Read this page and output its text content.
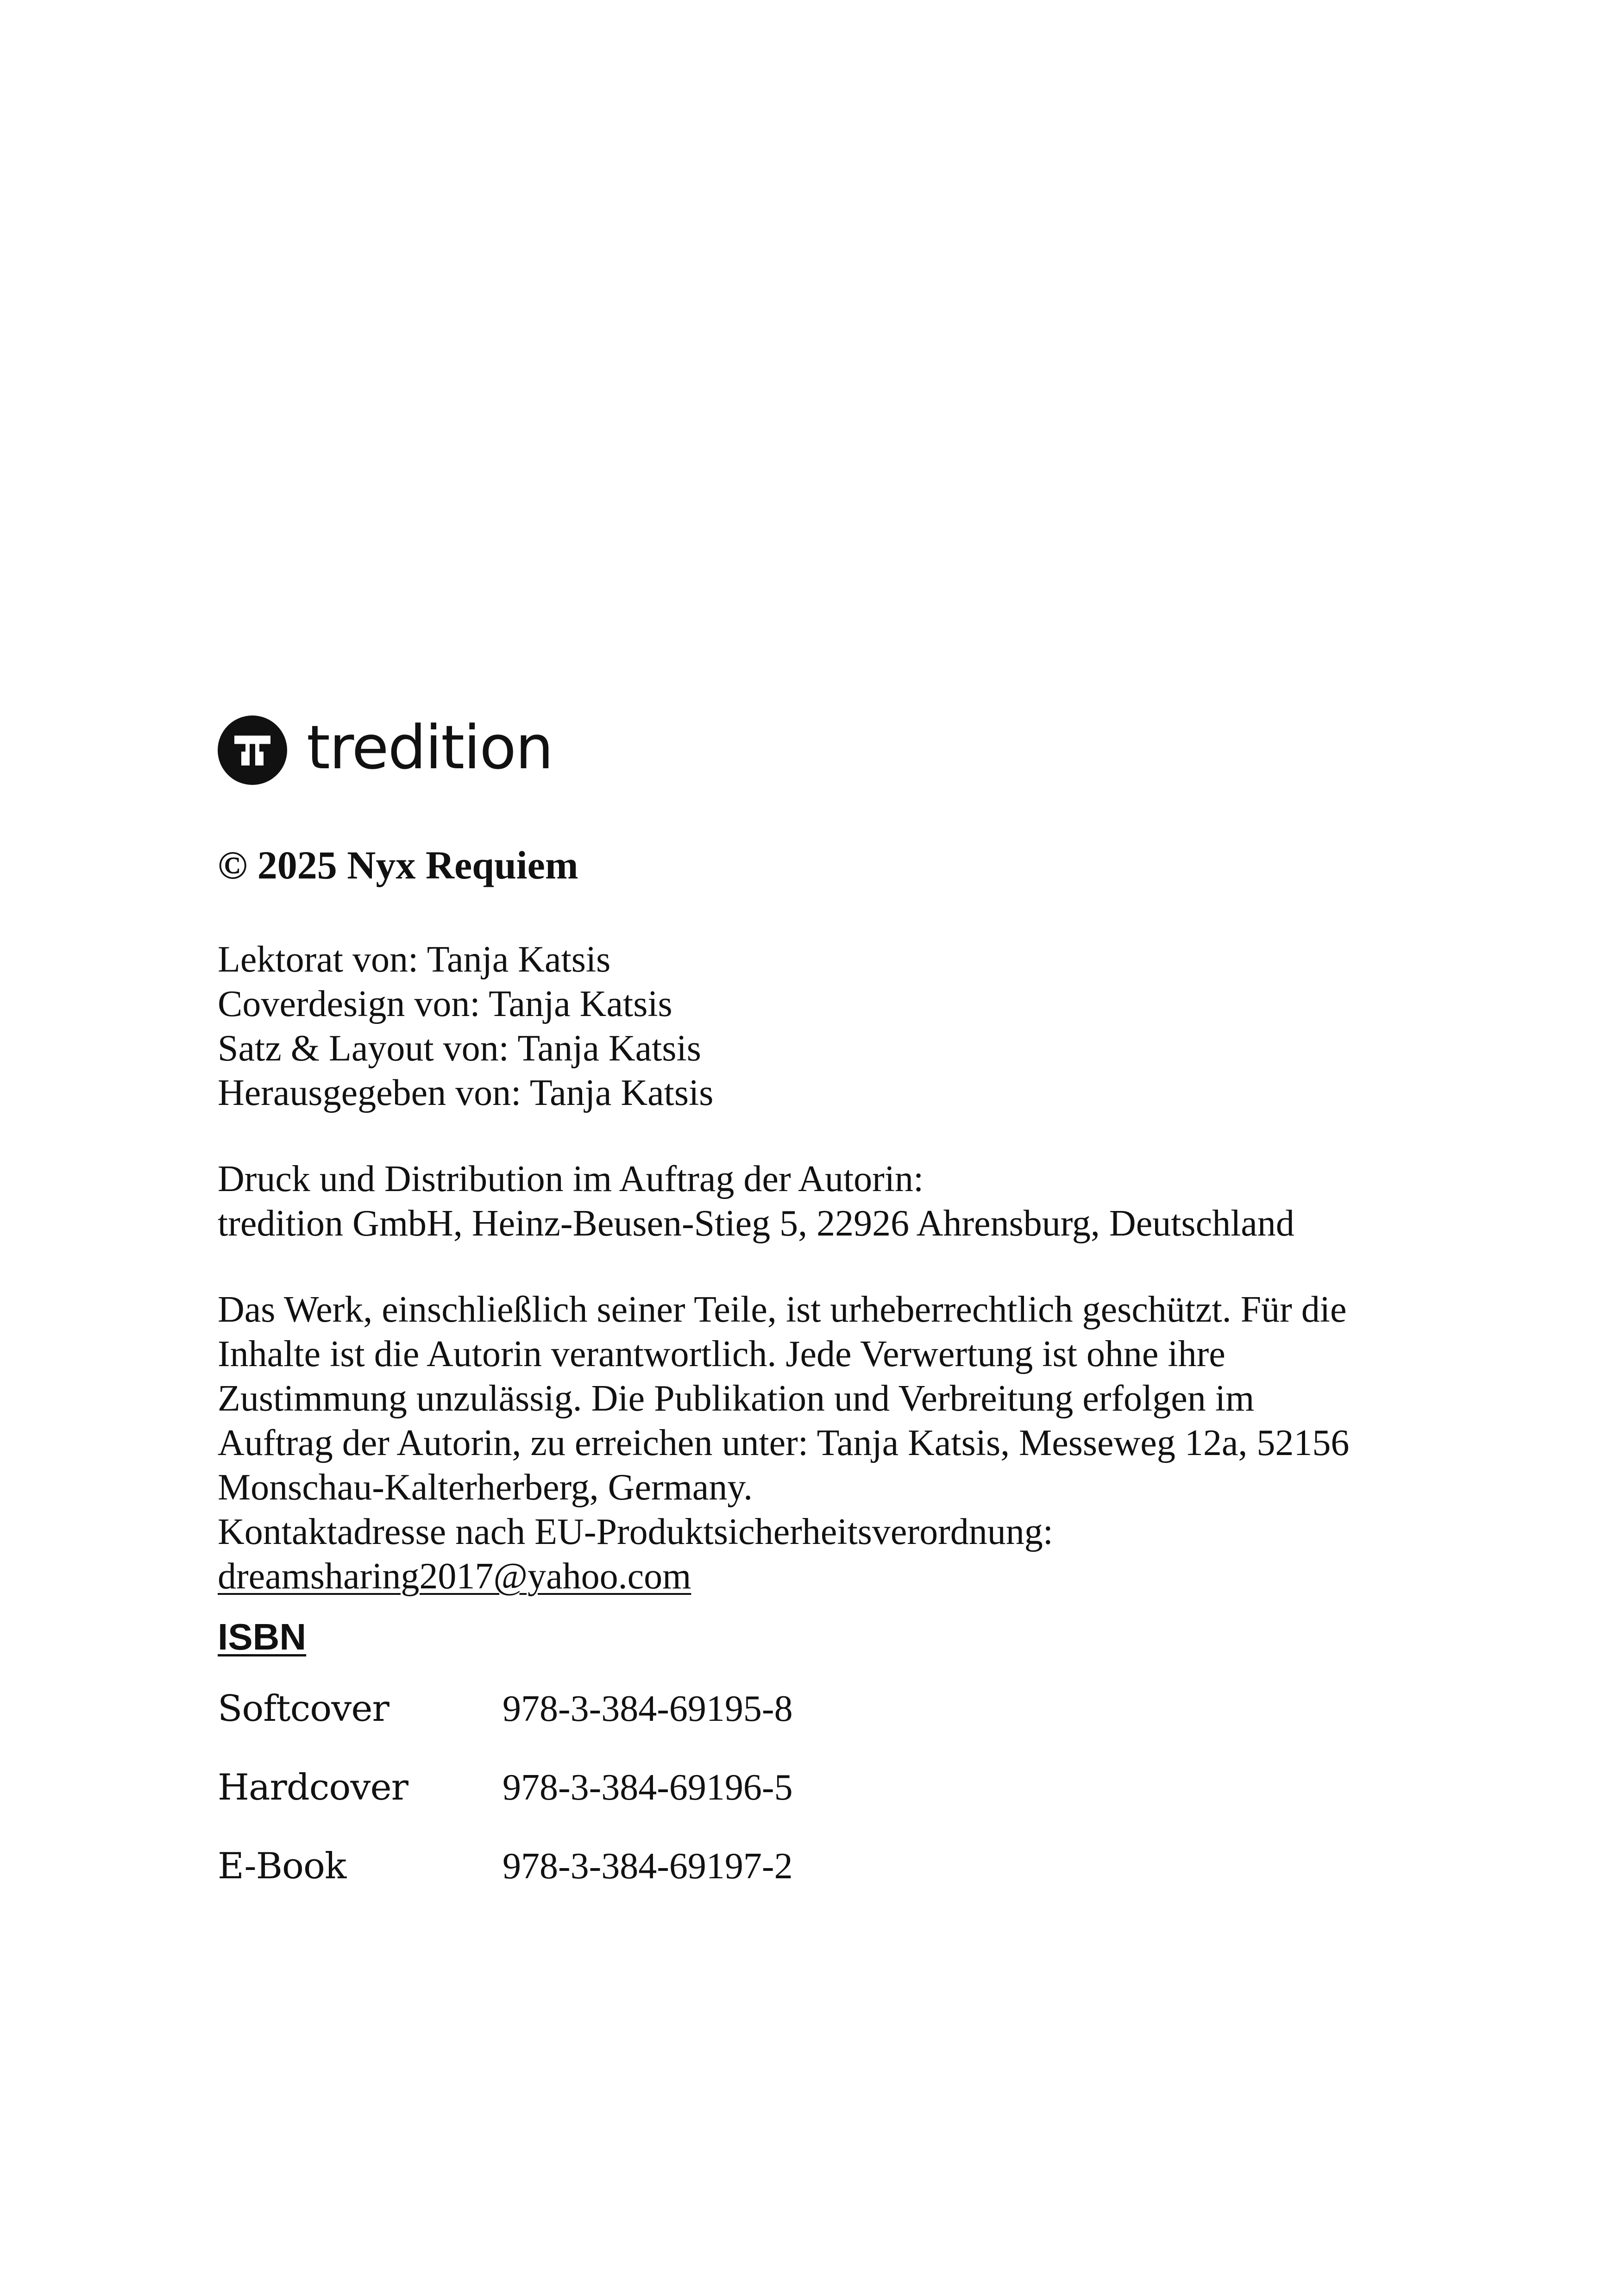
tredition
© 2025 Nyx Requiem
Lektorat von: Tanja Katsis
Coverdesign von: Tanja Katsis
Satz & Layout von: Tanja Katsis
Herausgegeben von: Tanja Katsis
Druck und Distribution im Auftrag der Autorin:
tredition GmbH, Heinz-Beusen-Stieg 5, 22926 Ahrensburg, Deutschland
Das Werk, einschließlich seiner Teile, ist urheberrechtlich geschützt. Für die
Inhalte ist die Autorin verantwortlich. Jede Verwertung ist ohne ihre
Zustimmung unzulässig. Die Publikation und Verbreitung erfolgen im
Auftrag der Autorin, zu erreichen unter: Tanja Katsis, Messeweg 12a, 52156
Monschau-Kalterherberg, Germany.
Kontaktadresse nach EU-Produktsicherheitsverordnung:
dreamsharing2017@yahoo.com
ISBN
Softcover	978-3-384-69195-8
Hardcover	978-3-384-69196-5
E-Book	978-3-384-69197-2
